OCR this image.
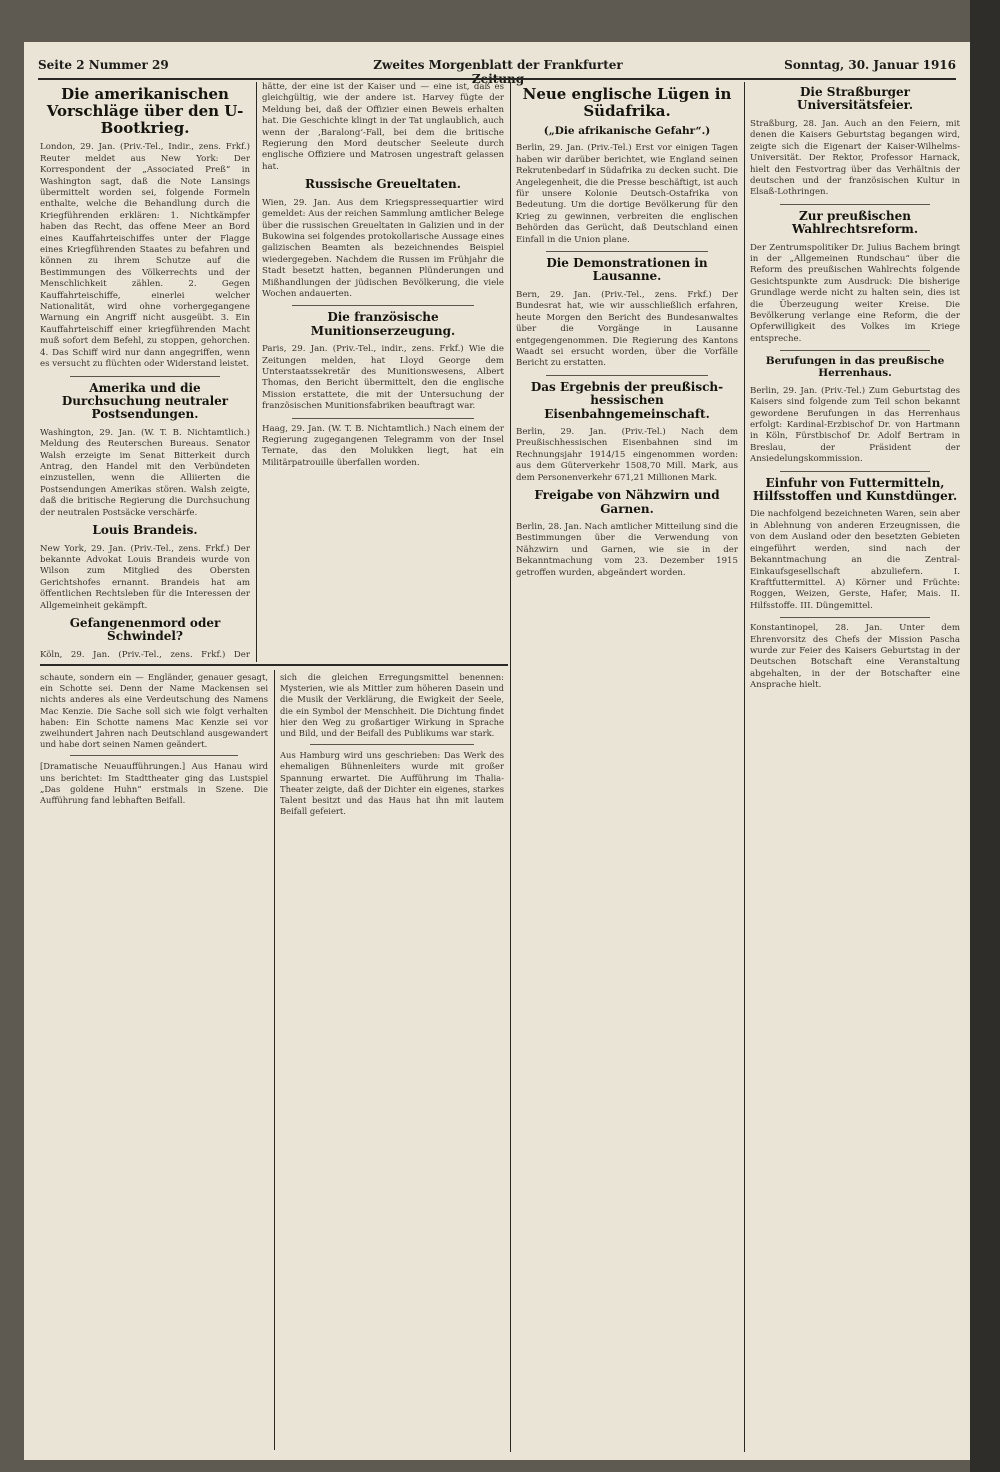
Seite 2 Nummer 29	Zweites Morgenblatt der Frankfurter	Sonntag, 30. Januar 1916
Die amerikanischen Vorschläge über den U-Bootkrieg.

London, 29. Jan. (Priv.-Tel., Indir., zens. Frkf.) Reuter meldet aus New York: Der Korrespondent der „Associated Preß“ in Washington sagt, daß die Note Lansings übermittelt worden sei, folgende Formeln enthalte, welche die Behandlung durch die Kriegführenden erklären: 1. Nichtkämpfer haben das Recht, das offene Meer an Bord eines Kauffahrteischiffes unter der Flagge eines Kriegführenden Staates zu befahren und können zu ihrem Schutze auf die Bestimmungen des Völkerrechts und der Menschlichkeit zählen. 2. Gegen Kauffahrteischiffe, einerlei welcher Nationalität, wird ohne vorhergegangene Warnung ein Angriff nicht ausgeübt. 3. Ein Kauffahrteischiff einer kriegführenden Macht muß sofort dem Befehl, zu stoppen, gehorchen. 4. Das Schiff wird nur dann angegriffen, wenn es versucht zu flüchten oder Widerstand leistet.

Amerika und die Durchsuchung neutraler Postsendungen.

Washington, 29. Jan. (W. T. B. Nichtamtlich.) Meldung des Reuterschen Bureaus. Senator Walsh erzeigte im Senat Bitterkeit durch Antrag, den Handel mit den Verbündeten einzustellen, wenn die Alliierten die Postsendungen Amerikas stören. Walsh zeigte, daß die britische Regierung die Durchsuchung der neutralen Postsäcke verschärfe.

Louis Brandeis.

New York, 29. Jan. (Priv.-Tel., zens. Frkf.) Der bekannte Advokat Louis Brandeis wurde von Wilson zum Mitglied des Obersten Gerichtshofes ernannt. Brandeis hat am öffentlichen Rechtsleben für die Interessen der Allgemeinheit gekämpft.

Gefangenenmord oder Schwindel?

Köln, 29. Jan. (Priv.-Tel., zens. Frkf.) Der

hätte, der eine ist der Kaiser und — eine ist, daß es gleichgültig, wie der andere ist. Harvey fügte der Meldung bei, daß der Offizier einen Beweis erhalten hat. Die Geschichte klingt in der Tat unglaublich, auch wenn der ‚Baralong‘-Fall, bei dem die britische Regierung den Mord deutscher Seeleute durch englische Offiziere und Matrosen ungestraft gelassen hat.

Russische Greueltaten.

Wien, 29. Jan. Aus dem Kriegspressequartier wird gemeldet: Aus der reichen Sammlung amtlicher Belege über die russischen Greueltaten in Galizien und in der Bukowina sei folgendes protokollarische Aussage eines galizischen Beamten als bezeichnendes Beispiel wiedergegeben. Nachdem die Russen im Frühjahr die Stadt besetzt hatten, begannen Plünderungen und Mißhandlungen der jüdischen Bevölkerung, die viele Wochen andauerten.

Die französische Munitionserzeugung.

Paris, 29. Jan. (Priv.-Tel., indir., zens. Frkf.) Wie die Zeitungen melden, hat Lloyd George dem Unterstaatssekretär des Munitionswesens, Albert Thomas, den Bericht übermittelt, den die englische Mission erstattete, die mit der Untersuchung der französischen Munitionsfabriken beauftragt war.

Haag, 29. Jan. (W. T. B. Nichtamtlich.) Nach einem der Regierung zugegangenen Telegramm von der Insel Ternate, das den Molukken liegt, hat ein Militärpatrouille überfallen worden.

Neue englische Lügen in Südafrika.
(„Die afrikanische Gefahr“.)

Berlin, 29. Jan. (Priv.-Tel.) Erst vor einigen Tagen haben wir darüber berichtet, wie England seinen Rekrutenbedarf in Südafrika zu decken sucht. Die Angelegenheit, die die Presse beschäftigt, ist auch für unsere Kolonie Deutsch-Ostafrika von Bedeutung. Um die dortige Bevölkerung für den Krieg zu gewinnen, verbreiten die englischen Behörden das Gerücht, daß Deutschland einen Einfall in die Union plane.

Die Demonstrationen in Lausanne.

Bern, 29. Jan. (Priv.-Tel., zens. Frkf.) Der Bundesrat hat, wie wir ausschließlich erfahren, heute Morgen den Bericht des Bundesanwaltes über die Vorgänge in Lausanne entgegengenommen. Die Regierung des Kantons Waadt sei ersucht worden, über die Vorfälle Bericht zu erstatten.

Das Ergebnis der preußisch-hessischen Eisenbahngemeinschaft.

Berlin, 29. Jan. (Priv.-Tel.) Nach dem Preußischhessischen Eisenbahnen sind im Rechnungsjahr 1914/15 eingenommen worden: aus dem Güterverkehr 1508,70 Mill. Mark, aus dem Personenverkehr 671,21 Millionen Mark.

Freigabe von Nähzwirn und Garnen.

Berlin, 28. Jan. Nach amtlicher Mitteilung sind die Bestimmungen über die Verwendung von Nähzwirn und Garnen, wie sie in der Bekanntmachung vom 23. Dezember 1915 getroffen wurden, abgeändert worden.

Die Straßburger Universitätsfeier.

Straßburg, 28. Jan. Auch an den Feiern, mit denen die Kaisers Geburtstag begangen wird, zeigte sich die Eigenart der Kaiser-Wilhelms-Universität. Der Rektor, Professor Harnack, hielt den Festvortrag über das Verhältnis der deutschen und der französischen Kultur in Elsaß-Lothringen.

Zur preußischen Wahlrechtsreform.

Der Zentrumspolitiker Dr. Julius Bachem bringt in der „Allgemeinen Rundschau“ über die Reform des preußischen Wahlrechts folgende Gesichtspunkte zum Ausdruck: Die bisherige Grundlage werde nicht zu halten sein, dies ist die Überzeugung weiter Kreise. Die Bevölkerung verlange eine Reform, die der Opferwilligkeit des Volkes im Kriege entspreche.

Berufungen in das preußische Herrenhaus.

Berlin, 29. Jan. (Priv.-Tel.) Zum Geburtstag des Kaisers sind folgende zum Teil schon bekannt gewordene Berufungen in das Herrenhaus erfolgt: Kardinal-Erzbischof Dr. von Hartmann in Köln, Fürstbischof Dr. Adolf Bertram in Breslau, der Präsident der Ansiedelungskommission.

Einfuhr von Futtermitteln, Hilfsstoffen und Kunstdünger.

Die nachfolgend bezeichneten Waren, sein aber in Ablehnung von anderen Erzeugnissen, die von dem Ausland oder den besetzten Gebieten eingeführt werden, sind nach der Bekanntmachung an die Zentral-Einkaufsgesellschaft abzuliefern. I. Kraftfuttermittel. A) Körner und Früchte: Roggen, Weizen, Gerste, Hafer, Mais. II. Hilfsstoffe. III. Düngemittel.

Konstantinopel, 28. Jan. Unter dem Ehrenvorsitz des Chefs der Mission Pascha wurde zur Feier des Kaisers Geburtstag in der Deutschen Botschaft eine Veranstaltung abgehalten, in der der Botschafter eine Ansprache hielt.

schaute, sondern ein — Engländer, genauer gesagt, ein Schotte sei. Denn der Name Mackensen sei nichts anderes als eine Verdeutschung des Namens Mac Kenzie. Die Sache soll sich wie folgt verhalten haben: Ein Schotte namens Mac Kenzie sei vor zweihundert Jahren nach Deutschland ausgewandert und habe dort seinen Namen geändert.

[Dramatische Neuaufführungen.] Aus Hanau wird uns berichtet: Im Stadttheater ging das Lustspiel „Das goldene Huhn“ erstmals in Szene. Die Aufführung fand lebhaften Beifall.

sich die gleichen Erregungsmittel benennen: Mysterien, wie als Mittler zum höheren Dasein und die Musik der Verklärung, die Ewigkeit der Seele, die ein Symbol der Menschheit. Die Dichtung findet hier den Weg zu großartiger Wirkung in Sprache und Bild, und der Beifall des Publikums war stark.

Aus Hamburg wird uns geschrieben: Das Werk des ehemaligen Bühnenleiters wurde mit großer Spannung erwartet. Die Aufführung im Thalia-Theater zeigte, daß der Dichter ein eigenes, starkes Talent besitzt und das Haus hat ihn mit lautem Beifall gefeiert.
